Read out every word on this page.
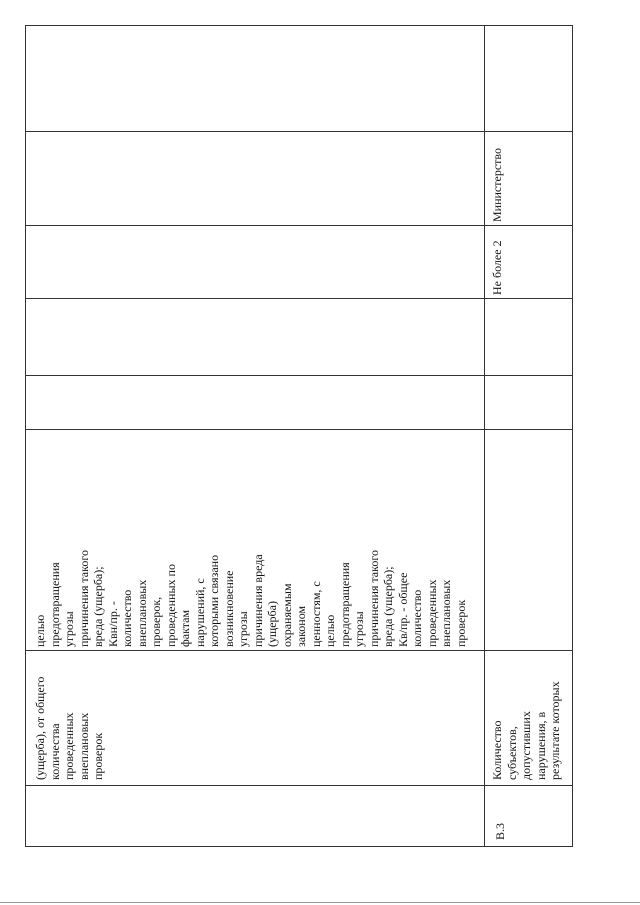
(ущерба), от общего
количества
проведенных
внеплановых
проверок
целью
предотвращения
угрозы
причинения такого
вреда (ущерба);
Квн/пр. -
количество
внеплановых
проверок,
проведенных по
фактам
нарушений, с
которыми связано
возникновение
угрозы
причинения вреда
(ущерба)
охраняемым
законом
ценностям, с
целью
предотвращения
угрозы
причинения такого
вреда (ущерба);
Кв/пр. - общее
количество
проведенных
внеплановых
проверок
В.3
Количество
субъектов,
допустивших
нарушения, в
результате которых
Не более 2
Министерство
